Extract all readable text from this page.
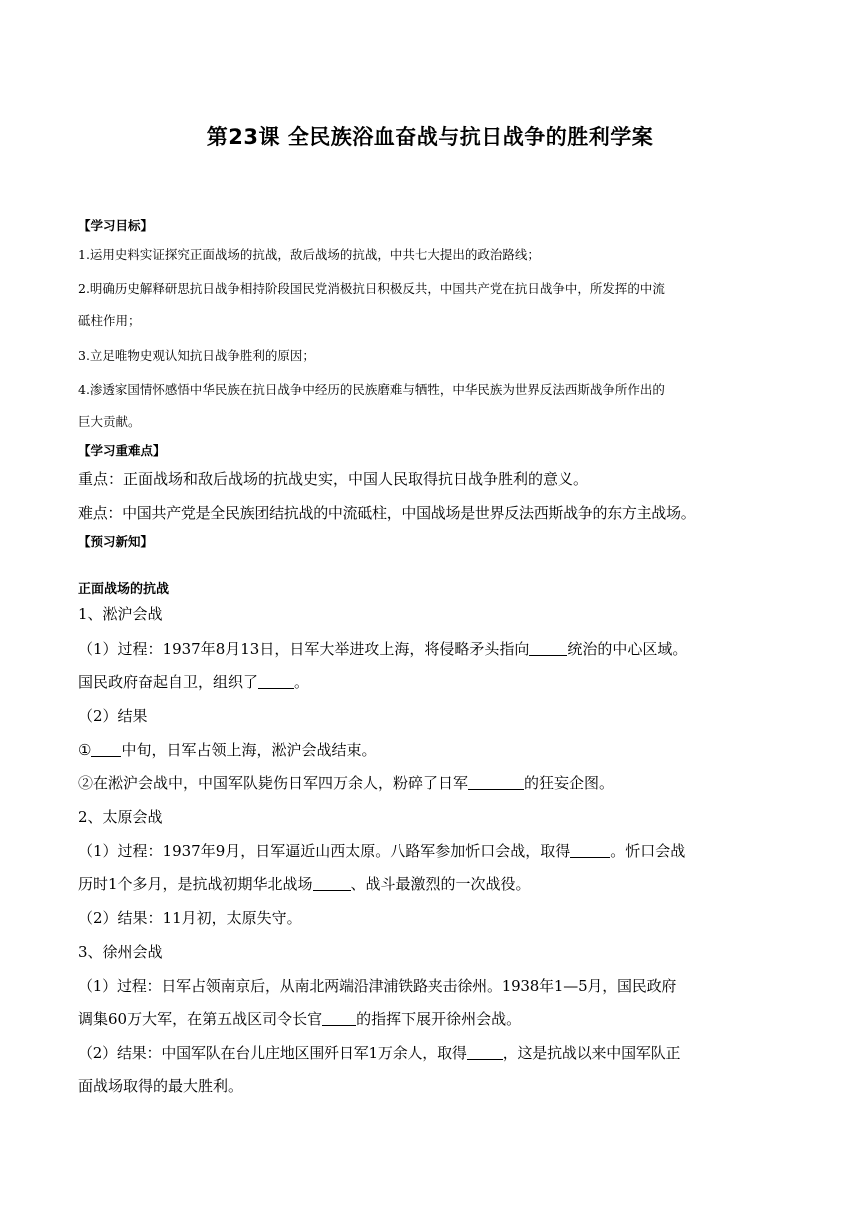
第23课 全民族浴血奋战与抗日战争的胜利学案
【学习目标】
1.运用史料实证探究正面战场的抗战，敌后战场的抗战，中共七大提出的政治路线；
2.明确历史解释研思抗日战争相持阶段国民党消极抗日积极反共，中国共产党在抗日战争中，所发挥的中流
砥柱作用；
3.立足唯物史观认知抗日战争胜利的原因；
4.渗透家国情怀感悟中华民族在抗日战争中经历的民族磨难与牺牲，中华民族为世界反法西斯战争所作出的
巨大贡献。
【学习重难点】
重点：正面战场和敌后战场的抗战史实，中国人民取得抗日战争胜利的意义。
难点：中国共产党是全民族团结抗战的中流砥柱，中国战场是世界反法西斯战争的东方主战场。
【预习新知】
正面战场的抗战
1、淞沪会战
（1）过程：1937年8月13日，日军大举进攻上海，将侵略矛头指向	统治的中心区域。
国民政府奋起自卫，组织了 。
（2）结果
① 中旬，日军占领上海，淞沪会战结束。
②在淞沪会战中，中国军队毙伤日军四万余人，粉碎了日军	的狂妄企图。
2、太原会战
（1）过程：1937年9月，日军逼近山西太原。八路军参加忻口会战，取得	。忻口会战
历时1个多月，是抗战初期华北战场	、战斗最激烈的一次战役。
（2）结果：11月初，太原失守。
3、徐州会战
（1）过程：日军占领南京后，从南北两端沿津浦铁路夹击徐州。1938年1—5月，国民政府
调集60万大军，在第五战区司令长官 的指挥下展开徐州会战。
（2）结果：中国军队在台儿庄地区围歼日军1万余人，取得 ，这是抗战以来中国军队正
面战场取得的最大胜利。
